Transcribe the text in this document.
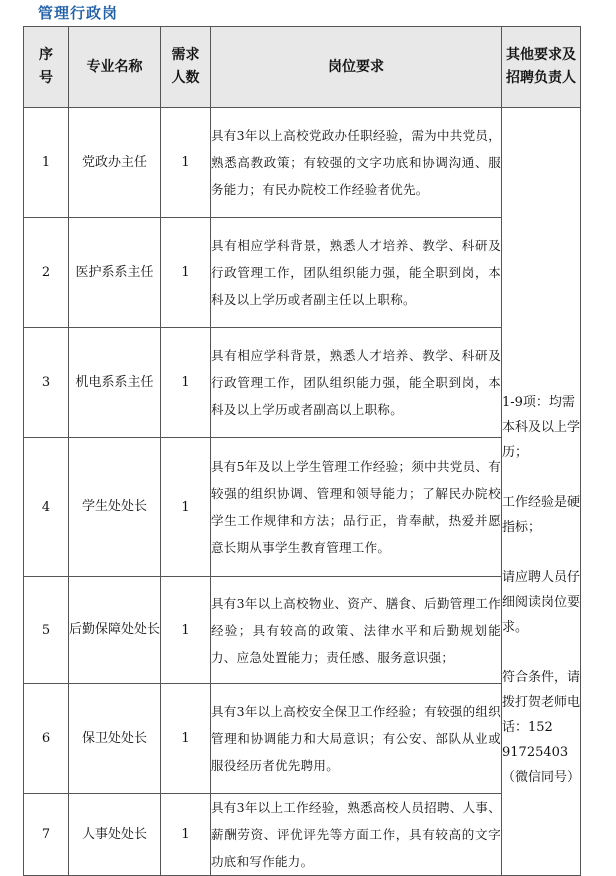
管理行政岗
序号	专业名称	需求人数	岗位要求	其他要求及招聘负责人
1	党政办主任	1	具有3年以上高校党政办任职经验，需为中共党员，熟悉高教政策；有较强的文字功底和协调沟通、服务能力；有民办院校工作经验者优先。	1-9项：均需本科及以上学历；

工作经验是硬指标；

请应聘人员仔细阅读岗位要求。

符合条件，请拨打贺老师电话：152 91725403（微信同号）

2	医护系系主任	1	具有相应学科背景，熟悉人才培养、教学、科研及行政管理工作，团队组织能力强，能全职到岗，本科及以上学历或者副主任以上职称。	
3	机电系系主任	1	具有相应学科背景，熟悉人才培养、教学、科研及行政管理工作，团队组织能力强，能全职到岗，本科及以上学历或者副高以上职称。	
4	学生处处长	1	具有5年及以上学生管理工作经验；须中共党员、有较强的组织协调、管理和领导能力；了解民办院校学生工作规律和方法；品行正，肯奉献，热爱并愿意长期从事学生教育管理工作。	
5	后勤保障处处长	1	具有3年以上高校物业、资产、膳食、后勤管理工作经验；具有较高的政策、法律水平和后勤规划能力、应急处置能力；责任感、服务意识强；	
6	保卫处处长	1	具有3年以上高校安全保卫工作经验；有较强的组织管理和协调能力和大局意识；有公安、部队从业或服役经历者优先聘用。	
7	人事处处长	1	具有3年以上工作经验，熟悉高校人员招聘、人事、薪酬劳资、评优评先等方面工作，具有较高的文字功底和写作能力。	
